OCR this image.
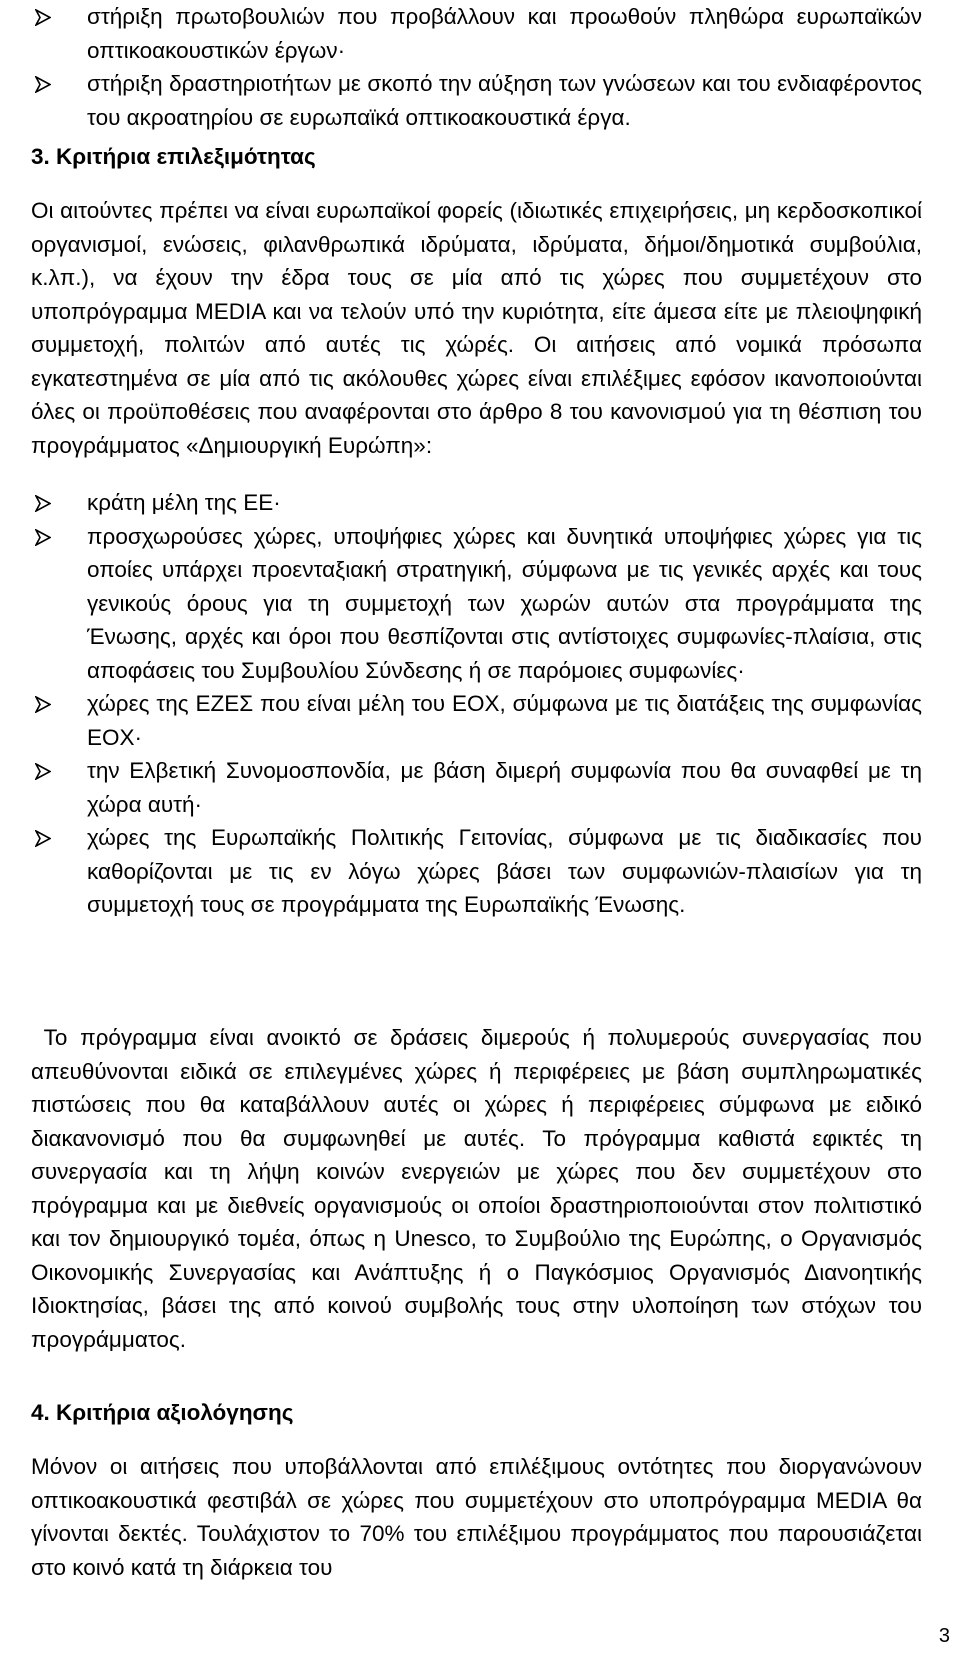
στήριξη πρωτοβουλιών που προβάλλουν και προωθούν πληθώρα ευρωπαϊκών οπτικοακουστικών έργων·
στήριξη δραστηριοτήτων με σκοπό την αύξηση των γνώσεων και του ενδιαφέροντος του ακροατηρίου σε ευρωπαϊκά οπτικοακουστικά έργα.

3. Κριτήρια επιλεξιμότητας

Οι αιτούντες πρέπει να είναι ευρωπαϊκοί φορείς (ιδιωτικές επιχειρήσεις, μη κερδοσκοπικοί οργανισμοί, ενώσεις, φιλανθρωπικά ιδρύματα, ιδρύματα, δήμοι/δημοτικά συμβούλια, κ.λπ.), να έχουν την έδρα τους σε μία από τις χώρες που συμμετέχουν στο υποπρόγραμμα MEDIA και να τελούν υπό την κυριότητα, είτε άμεσα είτε με πλειοψηφική συμμετοχή, πολιτών από αυτές τις χώρές. Οι αιτήσεις από νομικά πρόσωπα εγκατεστημένα σε μία από τις ακόλουθες χώρες είναι επιλέξιμες εφόσον ικανοποιούνται όλες οι προϋποθέσεις που αναφέρονται στο άρθρο 8 του κανονισμού για τη θέσπιση του προγράμματος «Δημιουργική Ευρώπη»:

κράτη μέλη της ΕΕ·
προσχωρούσες χώρες, υποψήφιες χώρες και δυνητικά υποψήφιες χώρες για τις οποίες υπάρχει προενταξιακή στρατηγική, σύμφωνα με τις γενικές αρχές και τους γενικούς όρους για τη συμμετοχή των χωρών αυτών στα προγράμματα της Ένωσης, αρχές και όροι που θεσπίζονται στις αντίστοιχες συμφωνίες-πλαίσια, στις αποφάσεις του Συμβουλίου Σύνδεσης ή σε παρόμοιες συμφωνίες·
χώρες της ΕΖΕΣ που είναι μέλη του ΕΟΧ, σύμφωνα με τις διατάξεις της συμφωνίας ΕΟΧ·
την Ελβετική Συνομοσπονδία, με βάση διμερή συμφωνία που θα συναφθεί με τη χώρα αυτή·
χώρες της Ευρωπαϊκής Πολιτικής Γειτονίας, σύμφωνα με τις διαδικασίες που καθορίζονται με τις εν λόγω χώρες βάσει των συμφωνιών-πλαισίων για τη συμμετοχή τους σε προγράμματα της Ευρωπαϊκής Ένωσης.

Το πρόγραμμα είναι ανοικτό σε δράσεις διμερούς ή πολυμερούς συνεργασίας που απευθύνονται ειδικά σε επιλεγμένες χώρες ή περιφέρειες με βάση συμπληρωματικές πιστώσεις που θα καταβάλλουν αυτές οι χώρες ή περιφέρειες σύμφωνα με ειδικό διακανονισμό που θα συμφωνηθεί με αυτές. Το πρόγραμμα καθιστά εφικτές τη συνεργασία και τη λήψη κοινών ενεργειών με χώρες που δεν συμμετέχουν στο πρόγραμμα και με διεθνείς οργανισμούς οι οποίοι δραστηριοποιούνται στον πολιτιστικό και τον δημιουργικό τομέα, όπως η Unesco, το Συμβούλιο της Ευρώπης, ο Οργανισμός Οικονομικής Συνεργασίας και Ανάπτυξης ή ο Παγκόσμιος Οργανισμός Διανοητικής Ιδιοκτησίας, βάσει της από κοινού συμβολής τους στην υλοποίηση των στόχων του προγράμματος.

4. Κριτήρια αξιολόγησης

Μόνον οι αιτήσεις που υποβάλλονται από επιλέξιμους οντότητες που διοργανώνουν οπτικοακουστικά φεστιβάλ σε χώρες που συμμετέχουν στο υποπρόγραμμα MEDIA θα γίνονται δεκτές. Τουλάχιστον το 70% του επιλέξιμου προγράμματος που παρουσιάζεται στο κοινό κατά τη διάρκεια του

3
